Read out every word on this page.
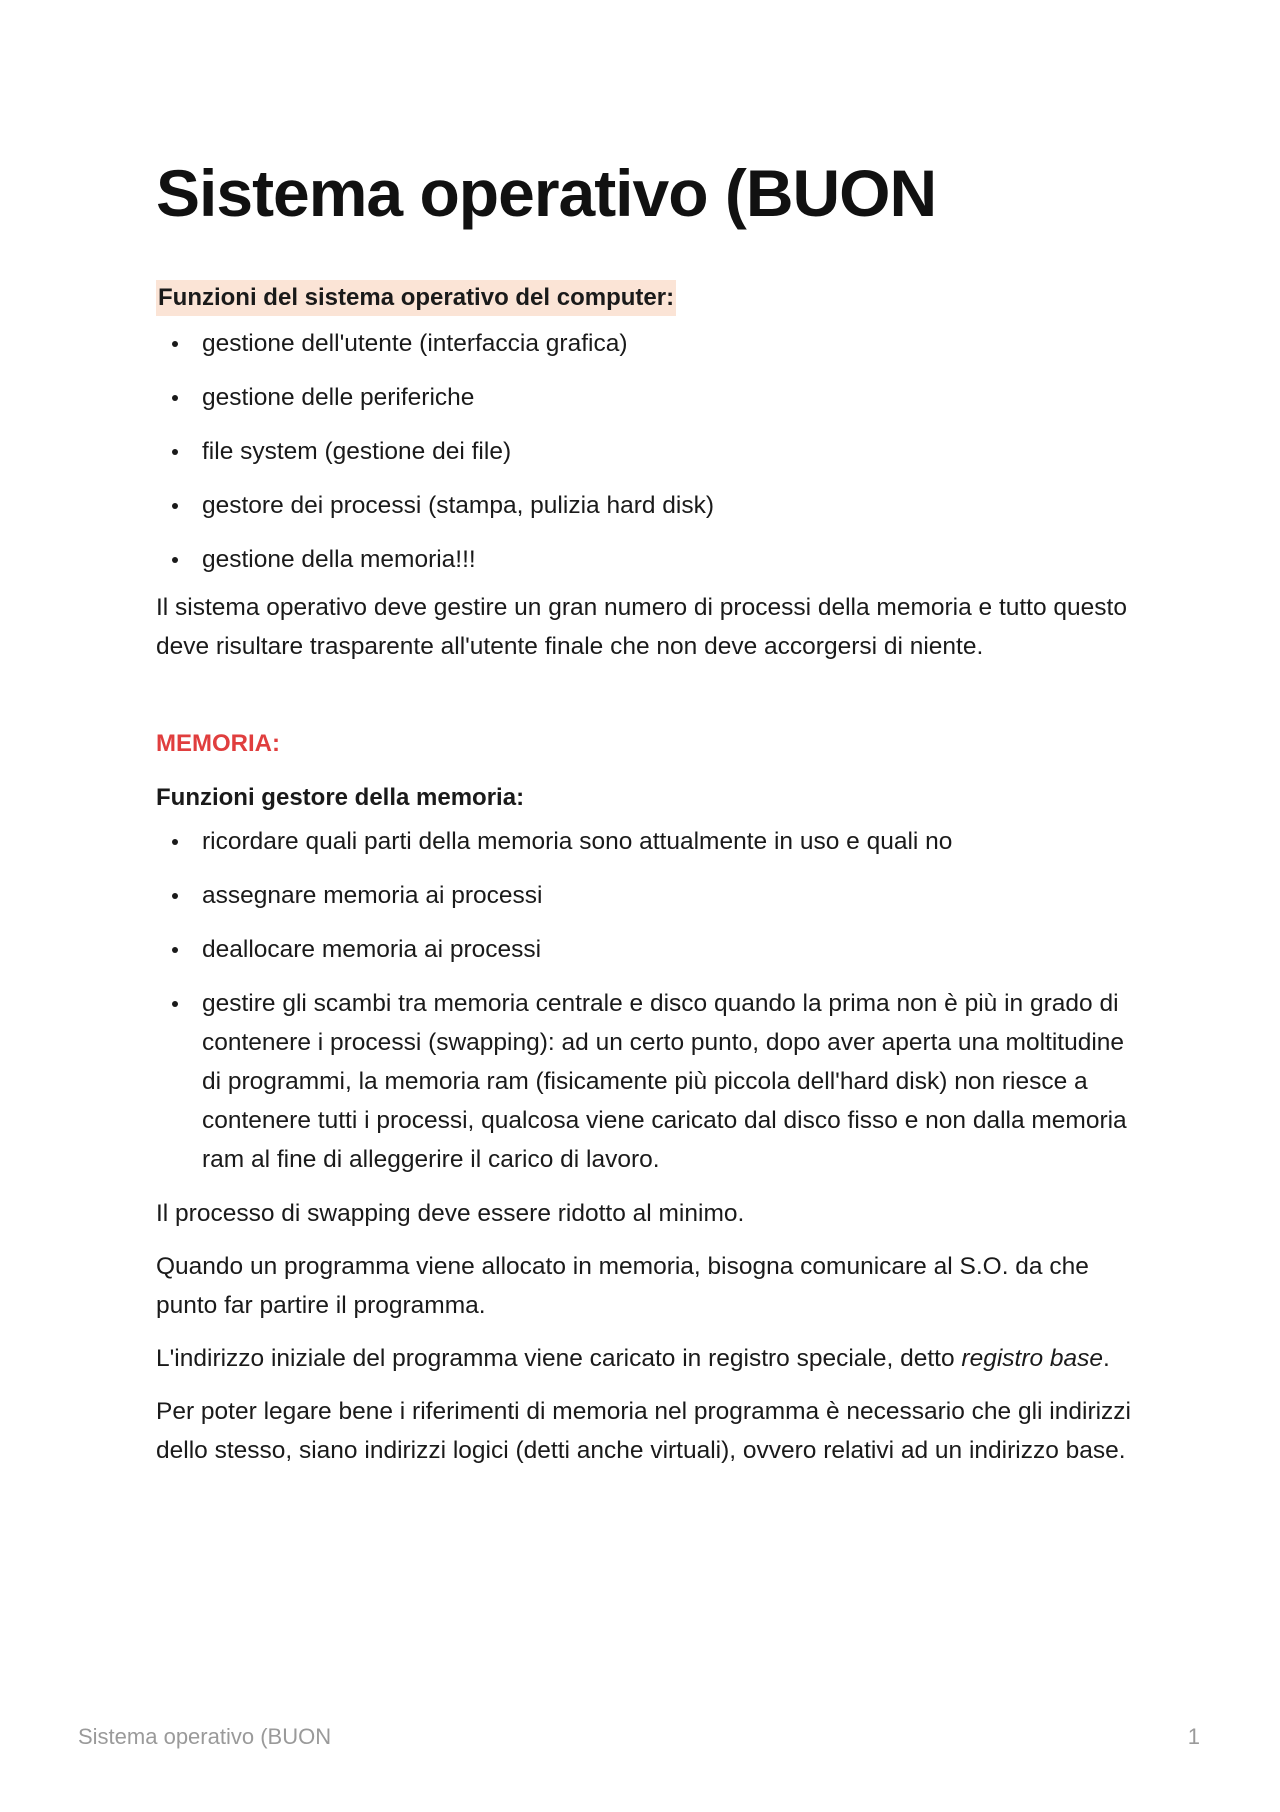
Sistema operativo (BUON
Funzioni del sistema operativo del computer:
gestione dell'utente (interfaccia grafica)
gestione delle periferiche
file system (gestione dei file)
gestore dei processi (stampa, pulizia hard disk)
gestione della memoria!!!

Il sistema operativo deve gestire un gran numero di processi della memoria e tutto questo deve risultare trasparente all'utente finale che non deve accorgersi di niente.

MEMORIA:
Funzioni gestore della memoria:
ricordare quali parti della memoria sono attualmente in uso e quali no
assegnare memoria ai processi
deallocare memoria ai processi
gestire gli scambi tra memoria centrale e disco quando la prima non è più in grado di contenere i processi (swapping): ad un certo punto, dopo aver aperta una moltitudine di programmi, la memoria ram (fisicamente più piccola dell'hard disk) non riesce a contenere tutti i processi, qualcosa viene caricato dal disco fisso e non dalla memoria ram al fine di alleggerire il carico di lavoro.

Il processo di swapping deve essere ridotto al minimo.

Quando un programma viene allocato in memoria, bisogna comunicare al S.O. da che punto far partire il programma.

L'indirizzo iniziale del programma viene caricato in registro speciale, detto registro base.

Per poter legare bene i riferimenti di memoria nel programma è necessario che gli indirizzi dello stesso, siano indirizzi logici (detti anche virtuali), ovvero relativi ad un indirizzo base.

Sistema operativo (BUON	1
